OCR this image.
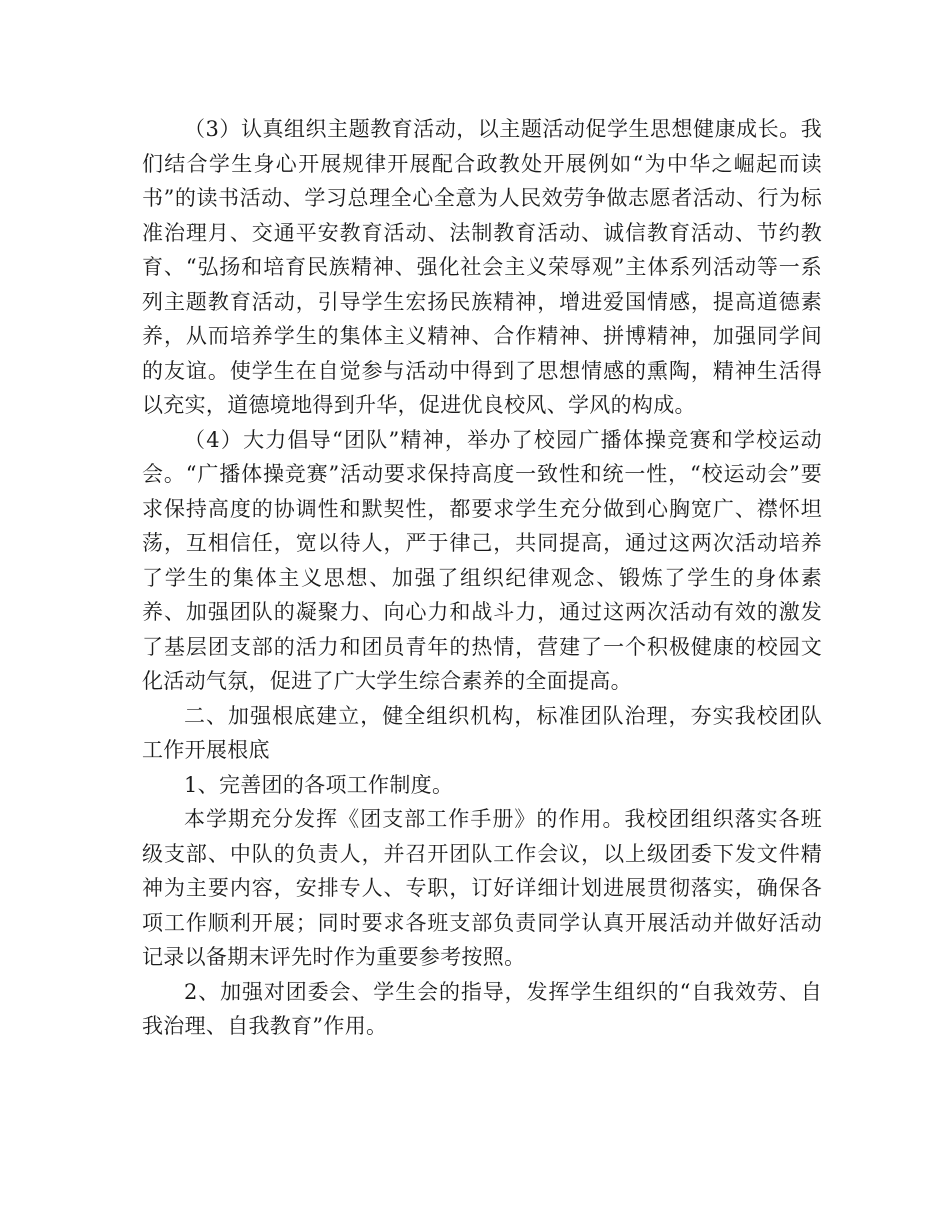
（3）认真组织主题教育活动，以主题活动促学生思想健康成长。我们结合学生身心开展规律开展配合政教处开展例如“为中华之崛起而读书”的读书活动、学习总理全心全意为人民效劳争做志愿者活动、行为标准治理月、交通平安教育活动、法制教育活动、诚信教育活动、节约教育、“弘扬和培育民族精神、强化社会主义荣辱观”主体系列活动等一系列主题教育活动，引导学生宏扬民族精神，增进爱国情感，提高道德素养，从而培养学生的集体主义精神、合作精神、拼博精神，加强同学间的友谊。使学生在自觉参与活动中得到了思想情感的熏陶，精神生活得以充实，道德境地得到升华，促进优良校风、学风的构成。

（4）大力倡导“团队”精神，举办了校园广播体操竞赛和学校运动会。“广播体操竞赛”活动要求保持高度一致性和统一性，“校运动会”要求保持高度的协调性和默契性，都要求学生充分做到心胸宽广、襟怀坦荡，互相信任，宽以待人，严于律己，共同提高，通过这两次活动培养了学生的集体主义思想、加强了组织纪律观念、锻炼了学生的身体素养、加强团队的凝聚力、向心力和战斗力，通过这两次活动有效的激发了基层团支部的活力和团员青年的热情，营建了一个积极健康的校园文化活动气氛，促进了广大学生综合素养的全面提高。

二、加强根底建立，健全组织机构，标准团队治理，夯实我校团队工作开展根底

1、完善团的各项工作制度。

本学期充分发挥《团支部工作手册》的作用。我校团组织落实各班级支部、中队的负责人，并召开团队工作会议，以上级团委下发文件精神为主要内容，安排专人、专职，订好详细计划进展贯彻落实，确保各项工作顺利开展；同时要求各班支部负责同学认真开展活动并做好活动记录以备期末评先时作为重要参考按照。

2、加强对团委会、学生会的指导，发挥学生组织的“自我效劳、自我治理、自我教育”作用。
